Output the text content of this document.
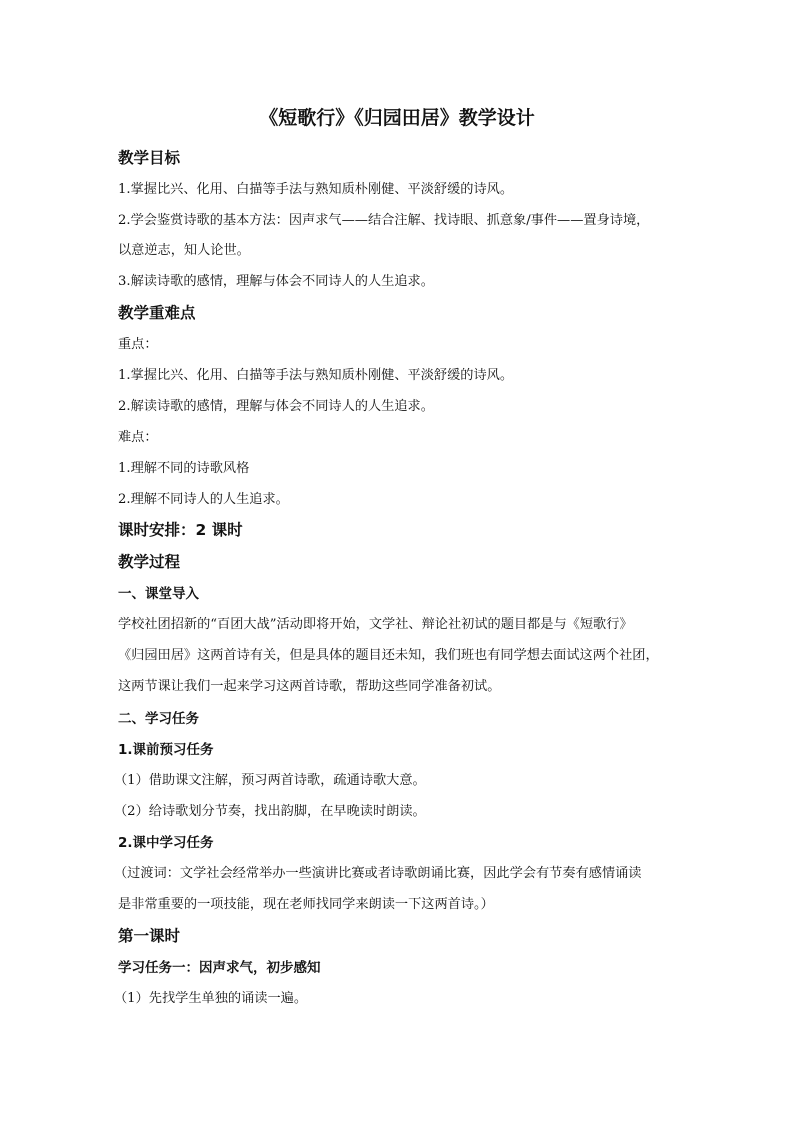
《短歌行》《归园田居》教学设计
教学目标
1.掌握比兴、化用、白描等手法与熟知质朴刚健、平淡舒缓的诗风。
2.学会鉴赏诗歌的基本方法：因声求气——结合注解、找诗眼、抓意象/事件——置身诗境，
以意逆志，知人论世。
3.解读诗歌的感情，理解与体会不同诗人的人生追求。
教学重难点
重点：
1.掌握比兴、化用、白描等手法与熟知质朴刚健、平淡舒缓的诗风。
2.解读诗歌的感情，理解与体会不同诗人的人生追求。
难点：
1.理解不同的诗歌风格
2.理解不同诗人的人生追求。
课时安排：2 课时
教学过程
一、课堂导入
学校社团招新的“百团大战”活动即将开始，文学社、辩论社初试的题目都是与《短歌行》
《归园田居》这两首诗有关，但是具体的题目还未知，我们班也有同学想去面试这两个社团，
这两节课让我们一起来学习这两首诗歌，帮助这些同学准备初试。
二、学习任务
1.课前预习任务
（1）借助课文注解，预习两首诗歌，疏通诗歌大意。
（2）给诗歌划分节奏，找出韵脚，在早晚读时朗读。
2.课中学习任务
（过渡词：文学社会经常举办一些演讲比赛或者诗歌朗诵比赛，因此学会有节奏有感情诵读
是非常重要的一项技能，现在老师找同学来朗读一下这两首诗。）
第一课时
学习任务一：因声求气，初步感知
（1）先找学生单独的诵读一遍。
